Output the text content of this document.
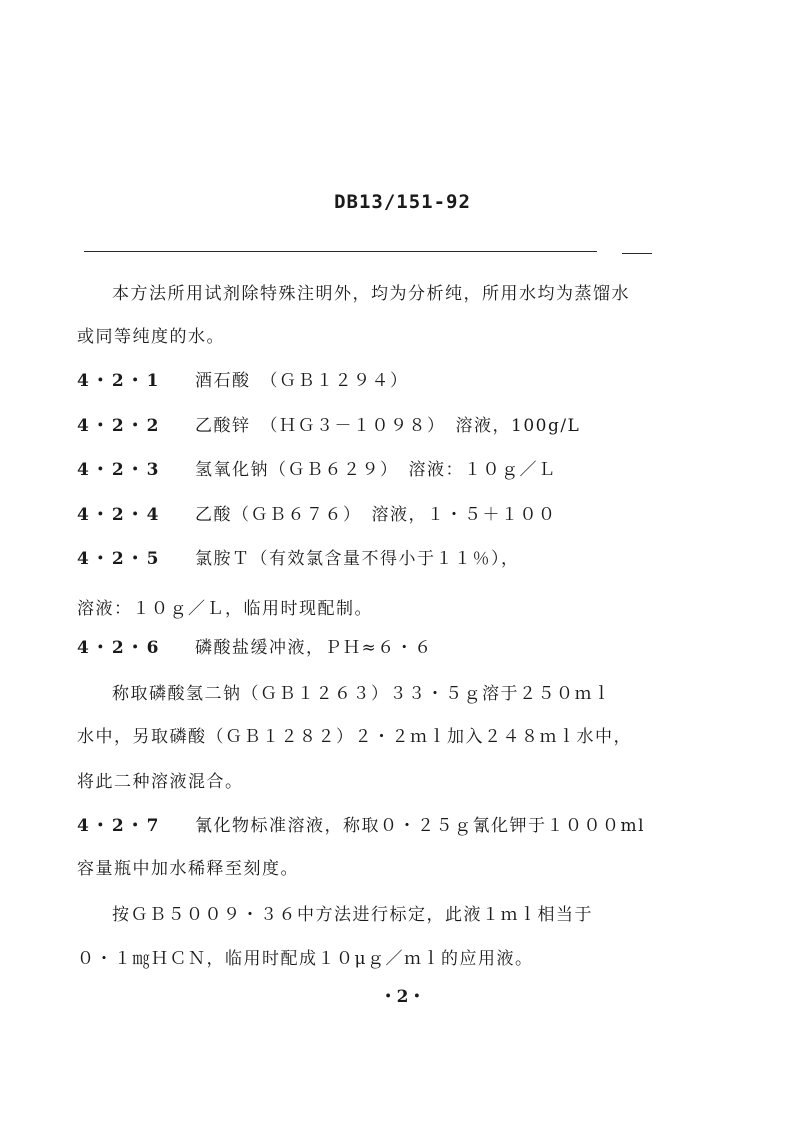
DB13/151-92
本方法所用试剂除特殊注明外，均为分析纯，所用水均为蒸馏水
或同等纯度的水。
4・2・1 酒石酸　（ＧＢ１２９４）
4・2・2 乙酸锌　（ＨＧ３－１０９８）　溶液，100g/L
4・2・3 氢氧化钠（ＧＢ６２９）　溶液：１０ｇ／Ｌ
4・2・4 乙酸（ＧＢ６７６）　溶液，１・５＋１００
4・2・5 氯胺Ｔ（有效氯含量不得小于１１％），
溶液：１０ｇ／Ｌ，临用时现配制。
4・2・6 磷酸盐缓冲液，ＰＨ≈６・６
称取磷酸氢二钠（ＧＢ１２６３）３３・５ｇ溶于２５０ｍｌ
水中，另取磷酸（ＧＢ１２８２）２・２ｍｌ加入２４８ｍｌ水中，
将此二种溶液混合。
4・2・7 氰化物标准溶液，称取０・２５ｇ氰化钾于１０００ml
容量瓶中加水稀释至刻度。
按ＧＢ５００９・３６中方法进行标定，此液１ｍｌ相当于
０・１㎎ＨＣＮ，临用时配成１０μｇ／ｍｌ的应用液。
・2・
